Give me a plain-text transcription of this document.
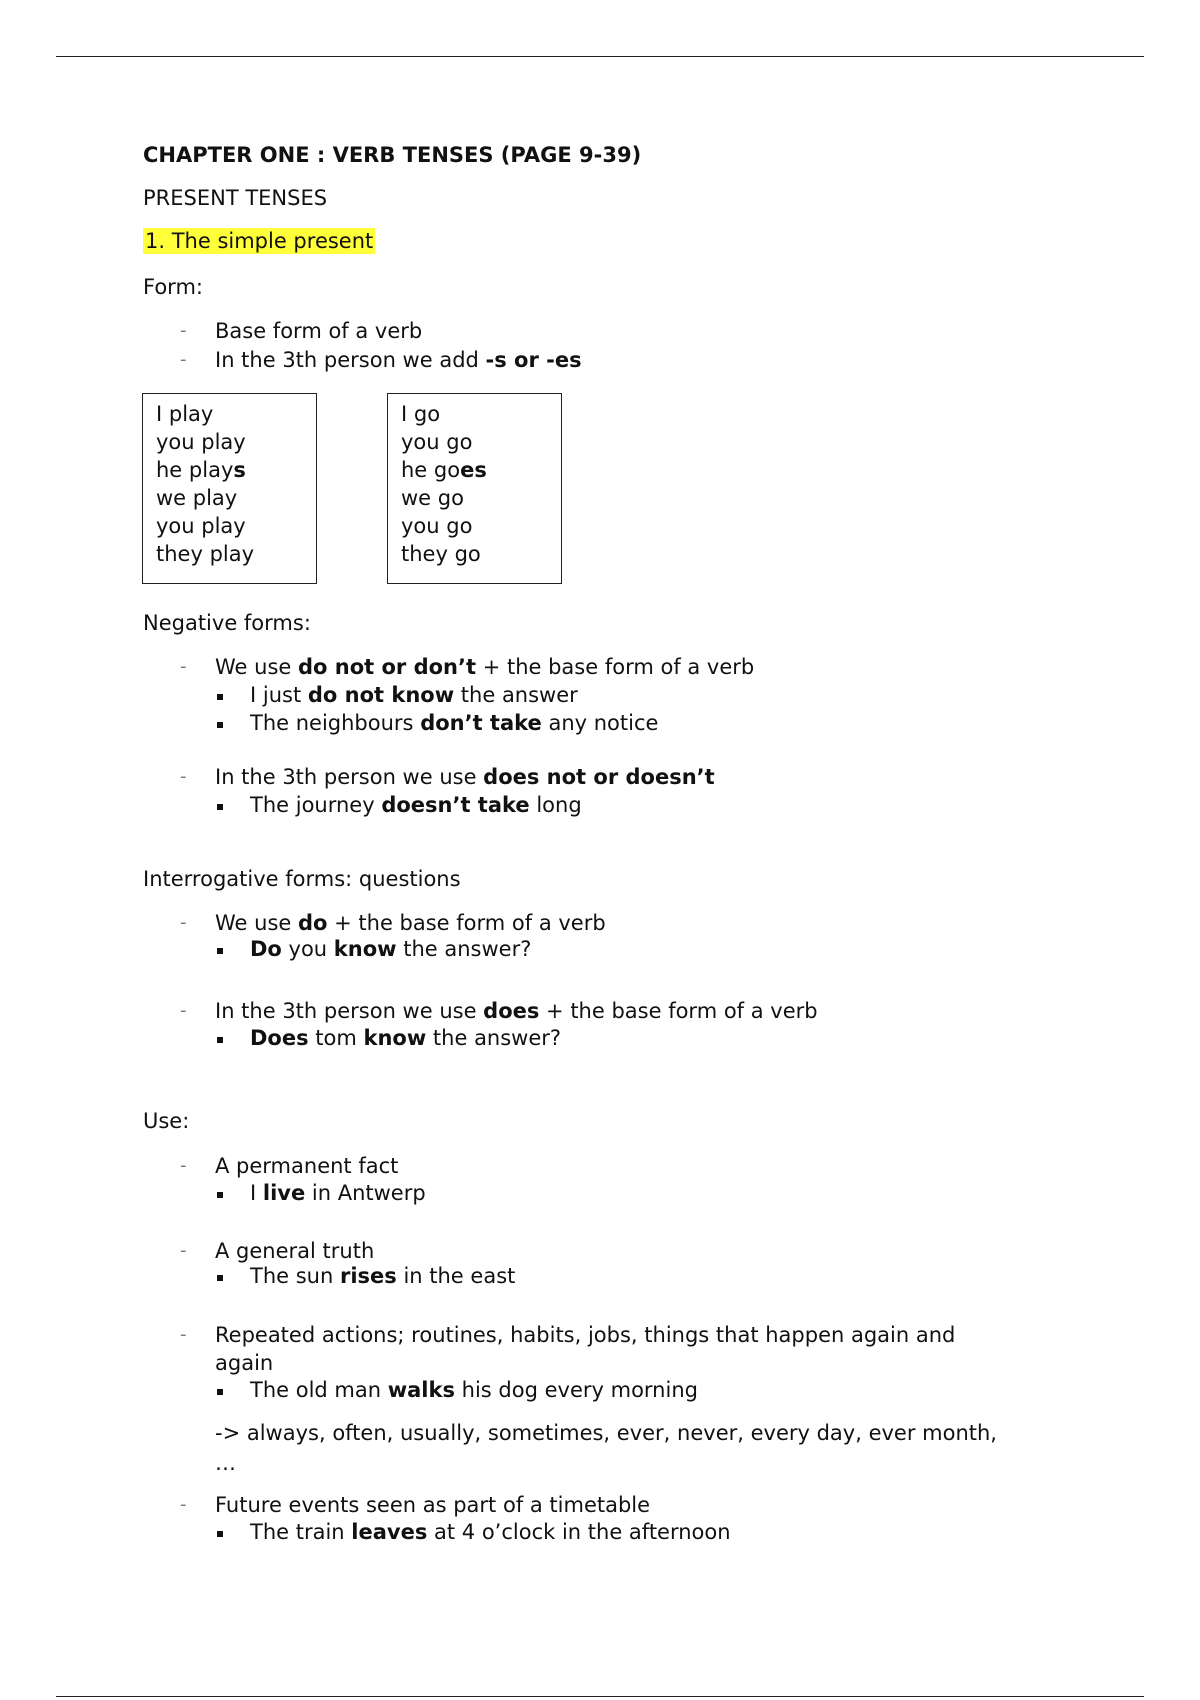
CHAPTER ONE : VERB TENSES (PAGE 9-39)
PRESENT TENSES
1. The simple present
Form:
- Base form of a verb
- In the 3th person we add -s or -es
I play
you play
he plays
we play
you play
they play
I go
you go
he goes
we go
you go
they go
Negative forms:
- We use do not or don’t + the base form of a verb
I just do not know the answer
The neighbours don’t take any notice
- In the 3th person we use does not or doesn’t
The journey doesn’t take long
Interrogative forms: questions
- We use do + the base form of a verb
Do you know the answer?
- In the 3th person we use does + the base form of a verb
Does tom know the answer?
Use:
- A permanent fact
I live in Antwerp
- A general truth
The sun rises in the east
- Repeated actions; routines, habits, jobs, things that happen again and
again
The old man walks his dog every morning
-> always, often, usually, sometimes, ever, never, every day, ever month,
…
- Future events seen as part of a timetable
The train leaves at 4 o’clock in the afternoon
